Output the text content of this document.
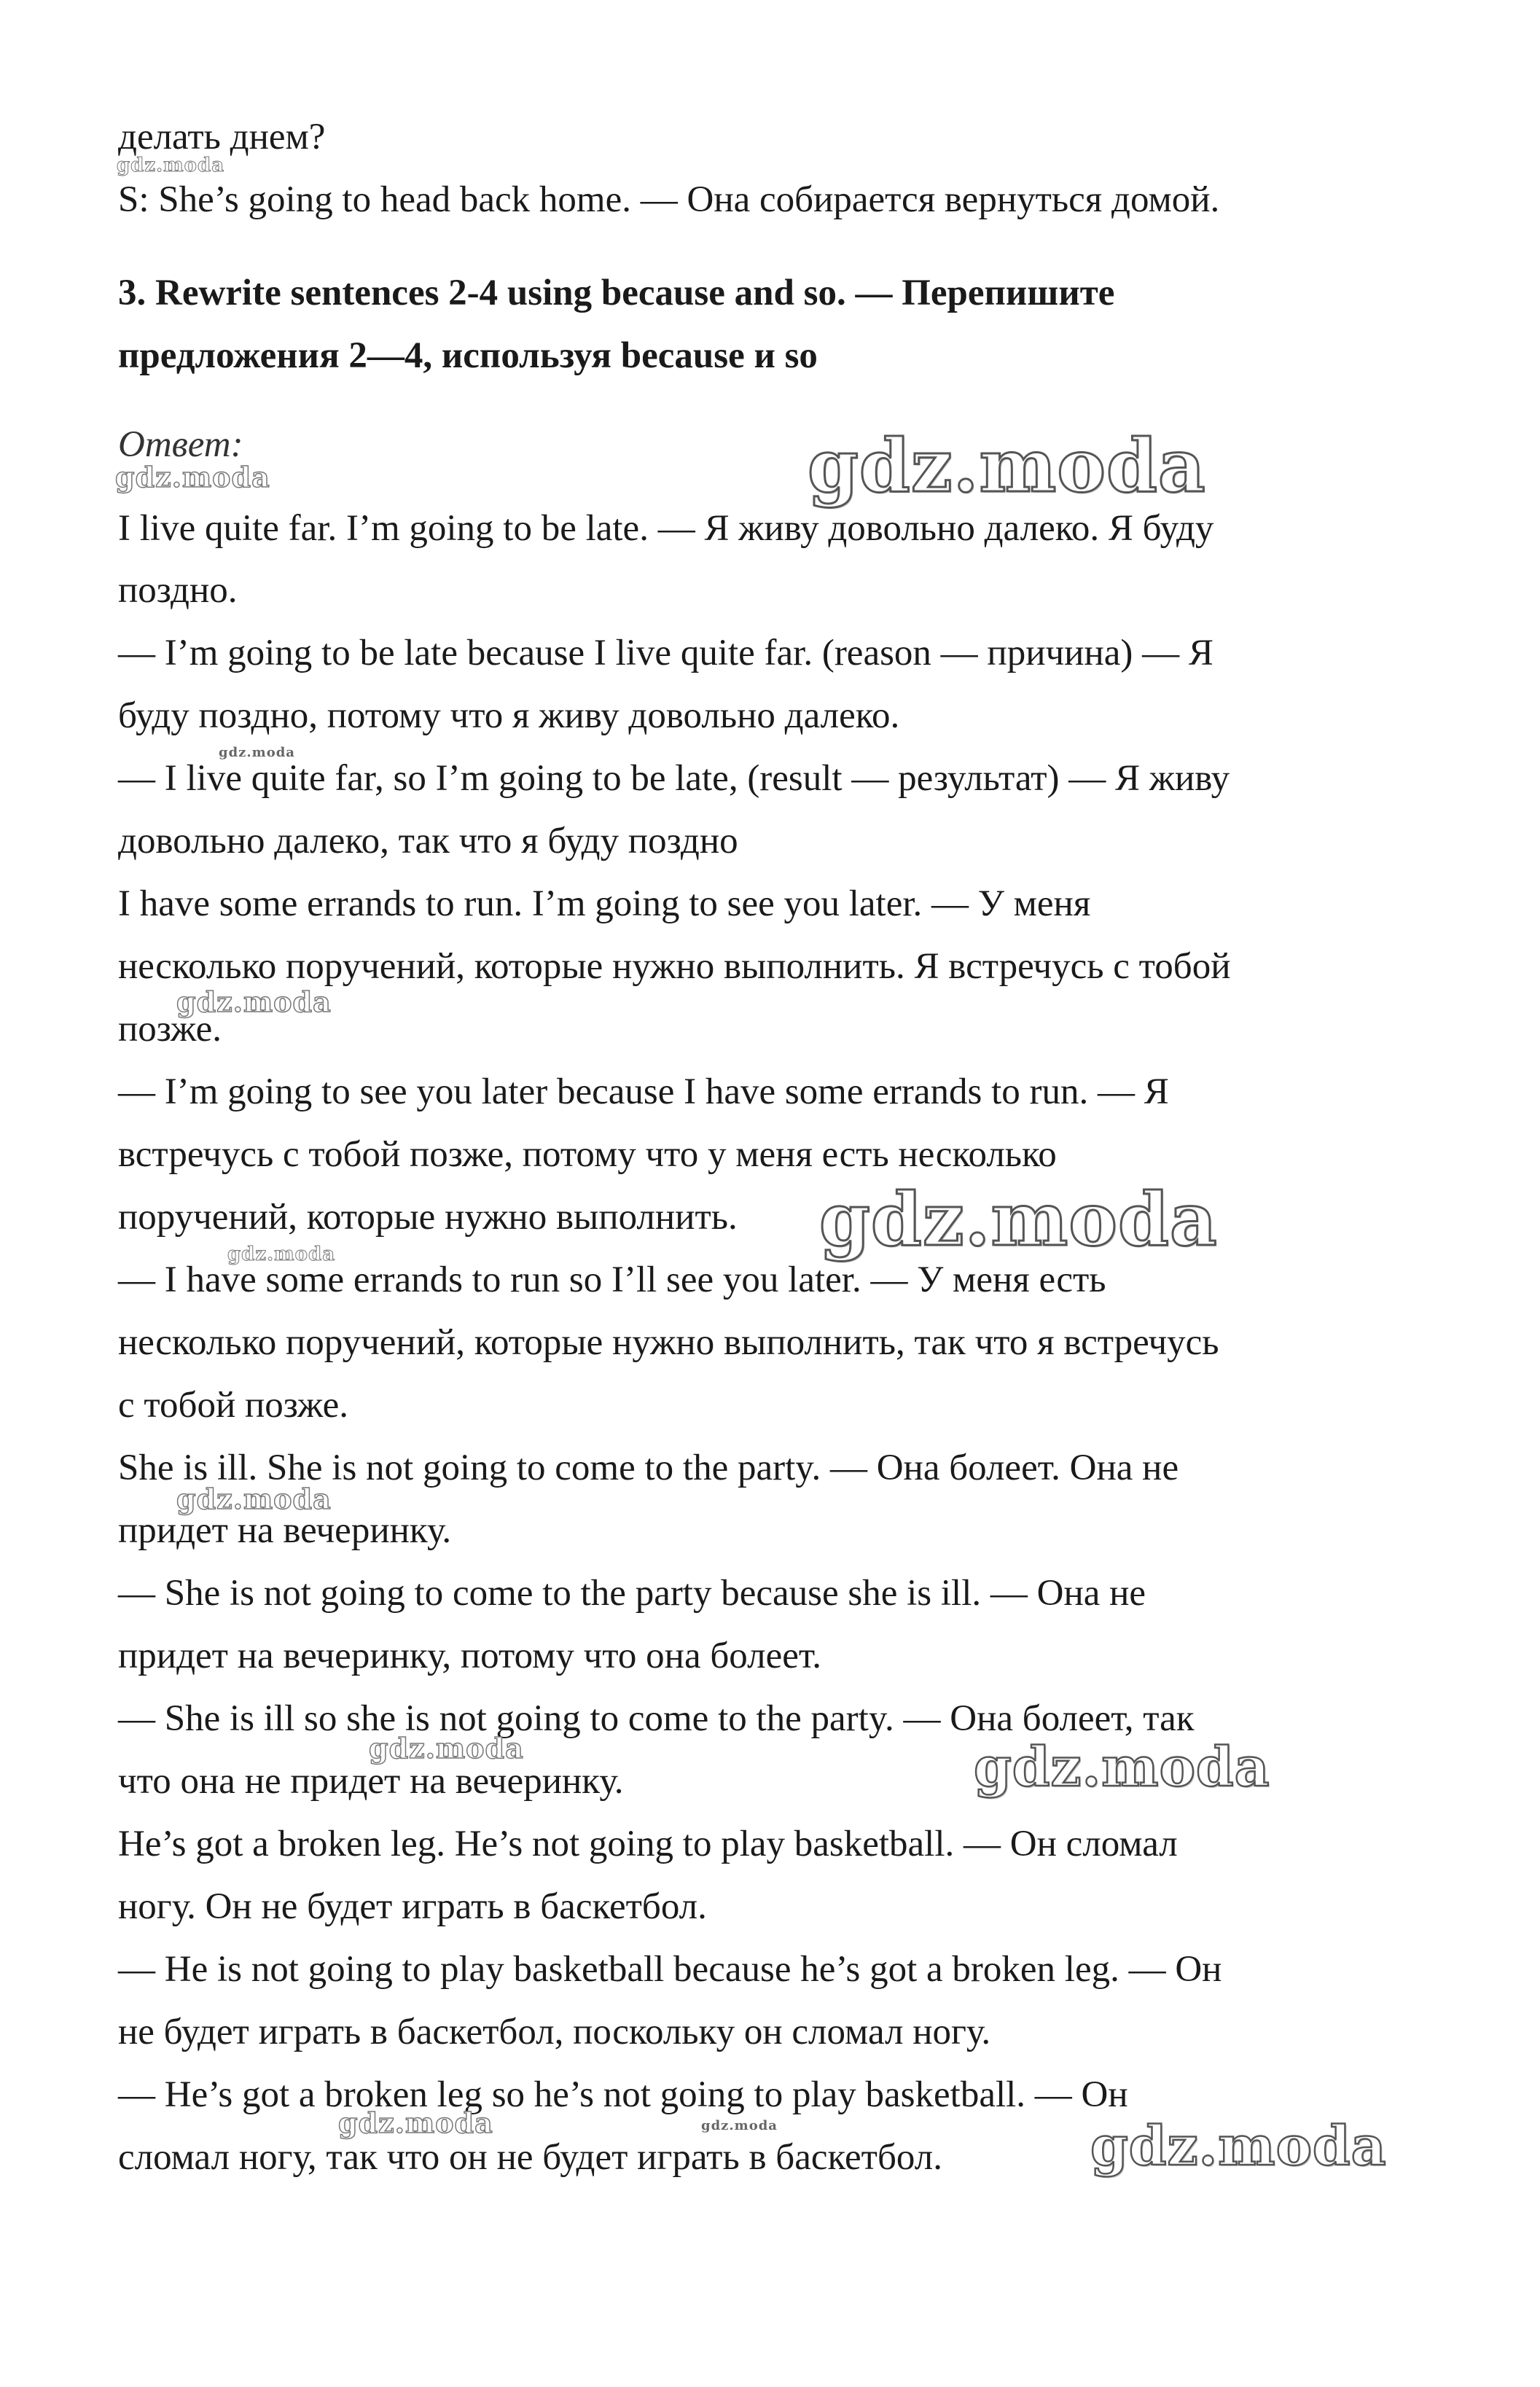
делать днем?
S: She’s going to head back home. — Она собирается вернуться домой.
3. Rewrite sentences 2-4 using because and so. — Перепишите
предложения 2—4, используя because и so
Ответ:
I live quite far. I’m going to be late. — Я живу довольно далеко. Я буду
поздно.
— I’m going to be late because I live quite far. (reason — причина) — Я
буду поздно, потому что я живу довольно далеко.
— I live quite far, so I’m going to be late, (result — результат) — Я живу
довольно далеко, так что я буду поздно
I have some errands to run. I’m going to see you later. — У меня
несколько поручений, которые нужно выполнить. Я встречусь с тобой
позже.
— I’m going to see you later because I have some errands to run. — Я
встречусь с тобой позже, потому что у меня есть несколько
поручений, которые нужно выполнить.
— I have some errands to run so I’ll see you later. — У меня есть
несколько поручений, которые нужно выполнить, так что я встречусь
с тобой позже.
She is ill. She is not going to come to the party. — Она болеет. Она не
придет на вечеринку.
— She is not going to come to the party because she is ill. — Она не
придет на вечеринку, потому что она болеет.
— She is ill so she is not going to come to the party. — Она болеет, так
что она не придет на вечеринку.
He’s got a broken leg. He’s not going to play basketball. — Он сломал
ногу. Он не будет играть в баскетбол.
— He is not going to play basketball because he’s got a broken leg. — Он
не будет играть в баскетбол, поскольку он сломал ногу.
— He’s got a broken leg so he’s not going to play basketball. — Он
сломал ногу, так что он не будет играть в баскетбол.
gdz.moda
gdz.moda	gdz.moda
gdz.moda
gdz.moda
gdz.moda
gdz.moda
gdz.moda
gdz.moda	gdz.moda
gdz.moda	gdz.moda	gdz.moda
